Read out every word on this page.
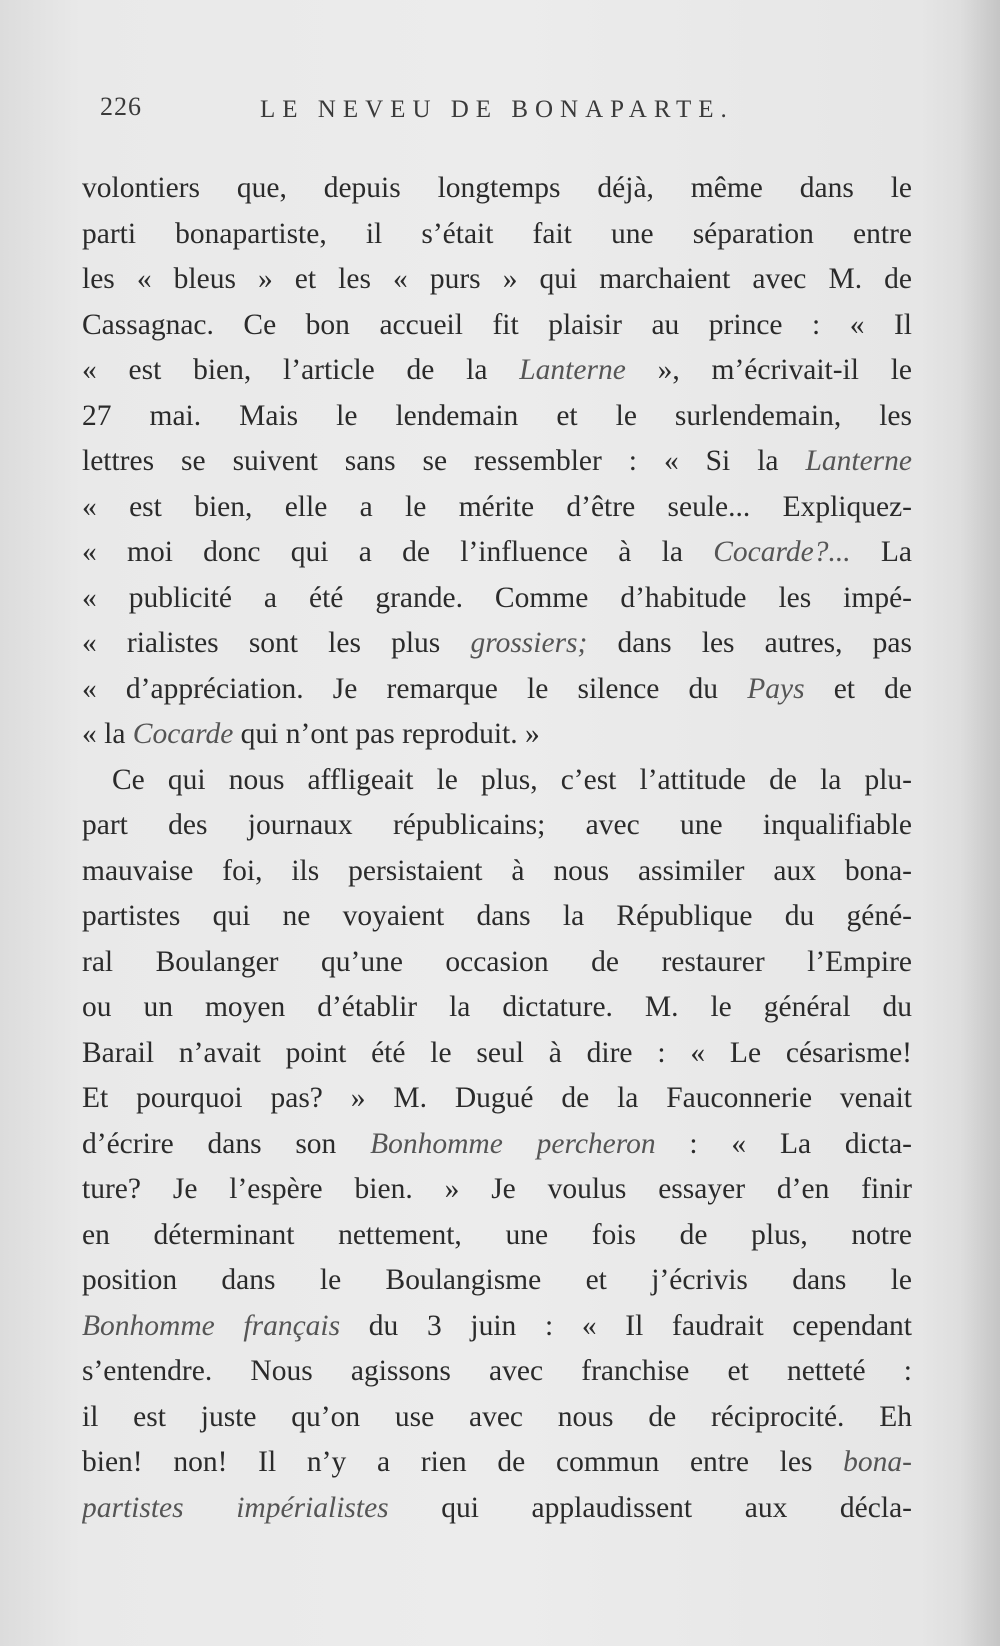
226	LE NEVEU DE BONAPARTE.
volontiers que, depuis longtemps déjà, même dans le
parti bonapartiste, il s’était fait une séparation entre
les « bleus » et les « purs » qui marchaient avec M. de
Cassagnac. Ce bon accueil fit plaisir au prince : « Il
« est bien, l’article de la Lanterne », m’écrivait-il le
27 mai. Mais le lendemain et le surlendemain, les
lettres se suivent sans se ressembler : « Si la Lanterne
« est bien, elle a le mérite d’être seule... Expliquez-
« moi donc qui a de l’influence à la Cocarde?... La
« publicité a été grande. Comme d’habitude les impé-
« rialistes sont les plus grossiers; dans les autres, pas
« d’appréciation. Je remarque le silence du Pays et de
« la Cocarde qui n’ont pas reproduit. »
Ce qui nous affligeait le plus, c’est l’attitude de la plu-
part des journaux républicains; avec une inqualifiable
mauvaise foi, ils persistaient à nous assimiler aux bona-
partistes qui ne voyaient dans la République du géné-
ral Boulanger qu’une occasion de restaurer l’Empire
ou un moyen d’établir la dictature. M. le général du
Barail n’avait point été le seul à dire : « Le césarisme!
Et pourquoi pas? » M. Dugué de la Fauconnerie venait
d’écrire dans son Bonhomme percheron : « La dicta-
ture? Je l’espère bien. » Je voulus essayer d’en finir
en déterminant nettement, une fois de plus, notre
position dans le Boulangisme et j’écrivis dans le
Bonhomme français du 3 juin : « Il faudrait cependant
s’entendre. Nous agissons avec franchise et netteté :
il est juste qu’on use avec nous de réciprocité. Eh
bien! non! Il n’y a rien de commun entre les bona-
partistes impérialistes qui applaudissent aux décla-
